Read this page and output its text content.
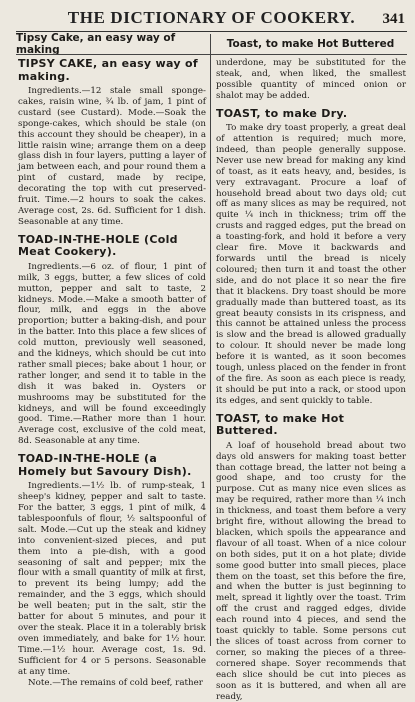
THE DICTIONARY OF COOKERY. 341
Tipsy Cake, an easy way of making	Toast, to make Hot Buttered
TIPSY CAKE, an easy way of making.

Ingredients.—12 stale small sponge-cakes, raisin wine, ¾ lb. of jam, 1 pint of custard (see Custard). Mode.—Soak the sponge-cakes, which should be stale (on this account they should be cheaper), in a little raisin wine; arrange them on a deep glass dish in four layers, putting a layer of jam between each, and pour round them a pint of custard, made by recipe, decorating the top with cut preserved-fruit. Time.—2 hours to soak the cakes. Average cost, 2s. 6d. Sufficient for 1 dish. Seasonable at any time.

TOAD-IN-THE-HOLE (Cold Meat Cookery).

Ingredients.—6 oz. of flour, 1 pint of milk, 3 eggs, butter, a few slices of cold mutton, pepper and salt to taste, 2 kidneys. Mode.—Make a smooth batter of flour, milk, and eggs in the above proportion; butter a baking-dish, and pour in the batter. Into this place a few slices of cold mutton, previously well seasoned, and the kidneys, which should be cut into rather small pieces; bake about 1 hour, or rather longer, and send it to table in the dish it was baked in. Oysters or mushrooms may be substituted for the kidneys, and will be found exceedingly good. Time.—Rather more than 1 hour. Average cost, exclusive of the cold meat, 8d. Seasonable at any time.

TOAD-IN-THE-HOLE (a Homely but Savoury Dish).

Ingredients.—1½ lb. of rump-steak, 1 sheep's kidney, pepper and salt to taste. For the batter, 3 eggs, 1 pint of milk, 4 tablespoonfuls of flour, ½ saltspoonful of salt. Mode.—Cut up the steak and kidney into convenient-sized pieces, and put them into a pie-dish, with a good seasoning of salt and pepper; mix the flour with a small quantity of milk at first, to prevent its being lumpy; add the remainder, and the 3 eggs, which should be well beaten; put in the salt, stir the batter for about 5 minutes, and pour it over the steak. Place it in a tolerably brisk oven immediately, and bake for 1½ hour. Time.—1½ hour. Average cost, 1s. 9d. Sufficient for 4 or 5 persons. Seasonable at any time.

Note.—The remains of cold beef, rather

underdone, may be substituted for the steak, and, when liked, the smallest possible quantity of minced onion or shalot may be added.

TOAST, to make Dry.

To make dry toast properly, a great deal of attention is required; much more, indeed, than people generally suppose. Never use new bread for making any kind of toast, as it eats heavy, and, besides, is very extravagant. Procure a loaf of household bread about two days old; cut off as many slices as may be required, not quite ¼ inch in thickness; trim off the crusts and ragged edges, put the bread on a toasting-fork, and hold it before a very clear fire. Move it backwards and forwards until the bread is nicely coloured; then turn it and toast the other side, and do not place it so near the fire that it blackens. Dry toast should be more gradually made than buttered toast, as its great beauty consists in its crispness, and this cannot be attained unless the process is slow and the bread is allowed gradually to colour. It should never be made long before it is wanted, as it soon becomes tough, unless placed on the fender in front of the fire. As soon as each piece is ready, it should be put into a rack, or stood upon its edges, and sent quickly to table.

TOAST, to make Hot Buttered.

A loaf of household bread about two days old answers for making toast better than cottage bread, the latter not being a good shape, and too crusty for the purpose. Cut as many nice even slices as may be required, rather more than ¼ inch in thickness, and toast them before a very bright fire, without allowing the bread to blacken, which spoils the appearance and flavour of all toast. When of a nice colour on both sides, put it on a hot plate; divide some good butter into small pieces, place them on the toast, set this before the fire, and when the butter is just beginning to melt, spread it lightly over the toast. Trim off the crust and ragged edges, divide each round into 4 pieces, and send the toast quickly to table. Some persons cut the slices of toast across from corner to corner, so making the pieces of a three-cornered shape. Soyer recommends that each slice should be cut into pieces as soon as it is buttered, and when all are ready,
